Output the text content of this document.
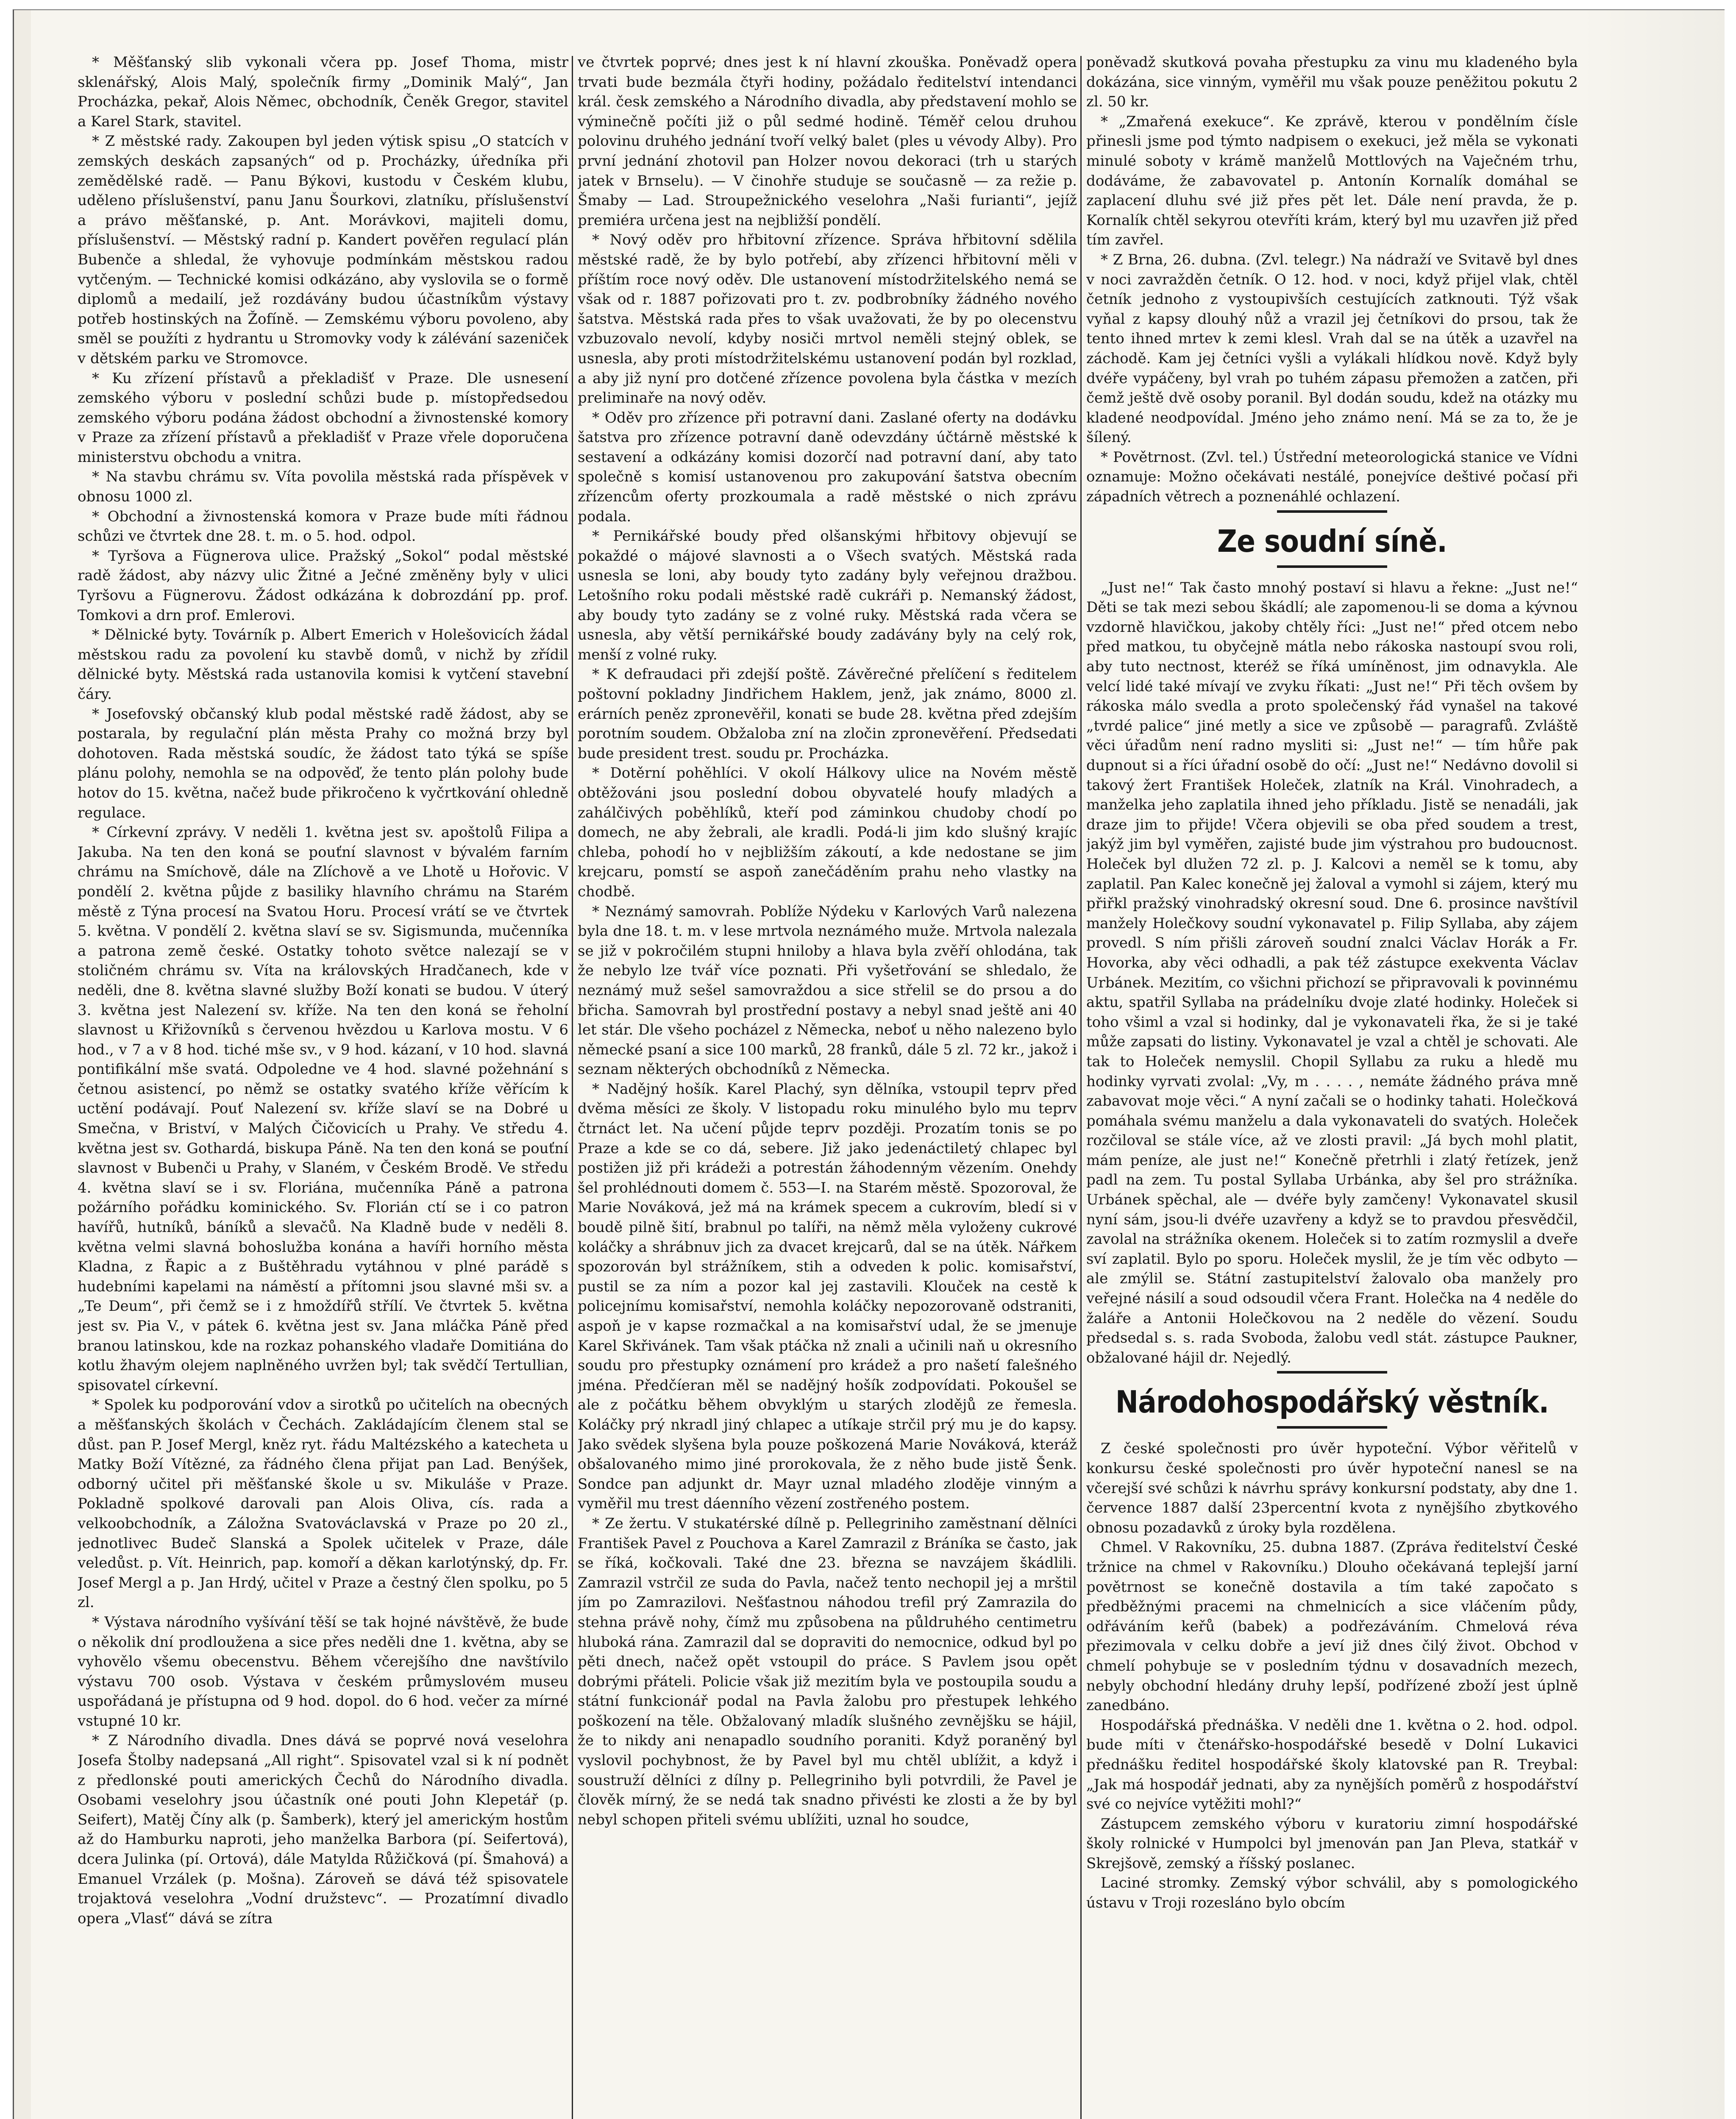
* Měšťanský slib vykonali včera pp. Josef Thoma, mistr sklenářský, Alois Malý, společník firmy „Dominik Malý“, Jan Procházka, pekař, Alois Němec, obchodník, Čeněk Gregor, stavitel a Karel Stark, stavitel.

* Z městské rady. Zakoupen byl jeden výtisk spisu „O statcích v zemských deskách zapsaných“ od p. Procházky, úředníka při zemědělské radě. — Panu Býkovi, kustodu v Českém klubu, uděleno příslušenství, panu Janu Šourkovi, zlatníku, příslušenství a právo měšťanské, p. Ant. Morávkovi, majiteli domu, příslušenství. — Městský radní p. Kandert pověřen regulací plán Bubenče a shledal, že vyhovuje podmínkám městskou radou vytčeným. — Technické komisi odkázáno, aby vyslovila se o formě diplomů a medailí, jež rozdávány budou účastníkům výstavy potřeb hostinských na Žofíně. — Zemskému výboru povoleno, aby směl se použíti z hydrantu u Stromovky vody k zálévání sazeniček v dětském parku ve Stromovce.

* Ku zřízení přístavů a překladišť v Praze. Dle usnesení zemského výboru v poslední schůzi bude p. místopředsedou zemského výboru podána žádost obchodní a živnostenské komory v Praze za zřízení přístavů a překladišť v Praze vřele doporučena ministerstvu obchodu a vnitra.

* Na stavbu chrámu sv. Víta povolila městská rada příspěvek v obnosu 1000 zl.

* Obchodní a živnostenská komora v Praze bude míti řádnou schůzi ve čtvrtek dne 28. t. m. o 5. hod. odpol.

* Tyršova a Fügnerova ulice. Pražský „Sokol“ podal městské radě žádost, aby názvy ulic Žitné a Ječné změněny byly v ulici Tyršovu a Fügnerovu. Žádost odkázána k dobrozdání pp. prof. Tomkovi a drn prof. Emlerovi.

* Dělnické byty. Továrník p. Albert Emerich v Holešovicích žádal městskou radu za povolení ku stavbě domů, v nichž by zřídil dělnické byty. Městská rada ustanovila komisi k vytčení stavební čáry.

* Josefovský občanský klub podal městské radě žádost, aby se postarala, by regulační plán města Prahy co možná brzy byl dohotoven. Rada městská soudíc, že žádost tato týká se spíše plánu polohy, nemohla se na odpověď, že tento plán polohy bude hotov do 15. května, načež bude přikročeno k vyčrtkování ohledně regulace.

* Církevní zprávy. V neděli 1. května jest sv. apoštolů Filipa a Jakuba. Na ten den koná se pouťní slavnost v bývalém farním chrámu na Smíchově, dále na Zlíchově a ve Lhotě u Hořovic. V pondělí 2. května půjde z basiliky hlavního chrámu na Starém městě z Týna procesí na Svatou Horu. Procesí vrátí se ve čtvrtek 5. května. V pondělí 2. května slaví se sv. Sigismunda, mučenníka a patrona země české. Ostatky tohoto světce nalezají se v stoličném chrámu sv. Víta na královských Hradčanech, kde v neděli, dne 8. května slavné služby Boží konati se budou. V úterý 3. května jest Nalezení sv. kříže. Na ten den koná se řeholní slavnost u Křižovníků s červenou hvězdou u Karlova mostu. V 6 hod., v 7 a v 8 hod. tiché mše sv., v 9 hod. kázaní, v 10 hod. slavná pontifikální mše svatá. Odpoledne ve 4 hod. slavné požehnání s četnou asistencí, po němž se ostatky svatého kříže věřícím k uctění podávají. Pouť Nalezení sv. kříže slaví se na Dobré u Smečna, v Briství, v Malých Čičovicích u Prahy. Ve středu 4. května jest sv. Gothardá, biskupa Páně. Na ten den koná se pouťní slavnost v Bubenči u Prahy, v Slaném, v Českém Brodě. Ve středu 4. května slaví se i sv. Floriána, mučenníka Páně a patrona požárního pořádku kominického. Sv. Florián ctí se i co patron havířů, hutníků, báníků a slevačů. Na Kladně bude v neděli 8. května velmi slavná bohoslužba konána a havíři horního města Kladna, z Řapic a z Buštěhradu vytáhnou v plné parádě s hudebními kapelami na náměstí a přítomni jsou slavné mši sv. a „Te Deum“, při čemž se i z hmoždířů střílí. Ve čtvrtek 5. května jest sv. Pia V., v pátek 6. května jest sv. Jana mláčka Páně před branou latinskou, kde na rozkaz pohanského vladaře Domitiána do kotlu žhavým olejem naplněného uvržen byl; tak svědčí Tertullian, spisovatel církevní.

* Spolek ku podporování vdov a sirotků po učitelích na obecných a měšťanských školách v Čechách. Zakládajícím členem stal se důst. pan P. Josef Mergl, kněz ryt. řádu Maltézského a katecheta u Matky Boží Vítězné, za řádného člena přijat pan Lad. Benýšek, odborný učitel při měšťanské škole u sv. Mikuláše v Praze. Pokladně spolkové darovali pan Alois Oliva, cís. rada a velkoobchodník, a Záložna Svatováclavská v Praze po 20 zl., jednotlivec Budeč Slanská a Spolek učitelek v Praze, dále veledůst. p. Vít. Heinrich, pap. komoří a děkan karlotýnský, dp. Fr. Josef Mergl a p. Jan Hrdý, učitel v Praze a čestný člen spolku, po 5 zl.

* Výstava národního vyšívání těší se tak hojné návštěvě, že bude o několik dní prodloužena a sice přes neděli dne 1. května, aby se vyhovělo všemu obecenstvu. Během včerejšího dne navštívilo výstavu 700 osob. Výstava v českém průmyslovém museu uspořádaná je přístupna od 9 hod. dopol. do 6 hod. večer za mírné vstupné 10 kr.

* Z Národního divadla. Dnes dává se poprvé nová veselohra Josefa Štolby nadepsaná „All right“. Spisovatel vzal si k ní podnět z předlonské pouti amerických Čechů do Národního divadla. Osobami veselohry jsou účastník oné pouti John Klepetář (p. Seifert), Matěj Číny alk (p. Šamberk), který jel americkým hostům až do Hamburku naproti, jeho manželka Barbora (pí. Seifertová), dcera Julinka (pí. Ortová), dále Matylda Růžičková (pí. Šmahová) a Emanuel Vrzálek (p. Mošna). Zároveň se dává též spisovatele trojaktová veselohra „Vodní družstevc“. — Prozatímní divadlo opera „Vlasť“ dává se zítra

ve čtvrtek poprvé; dnes jest k ní hlavní zkouška. Poněvadž opera trvati bude bezmála čtyři hodiny, požádalo ředitelství intendanci král. česk zemského a Národního divadla, aby představení mohlo se výminečně počíti již o půl sedmé hodině. Téměř celou druhou polovinu druhého jednání tvoří velký balet (ples u vévody Alby). Pro první jednání zhotovil pan Holzer novou dekoraci (trh u starých jatek v Brnselu). — V činohře studuje se současně — za režie p. Šmaby — Lad. Stroupežnického veselohra „Naši furianti“, jejíž premiéra určena jest na nejbližší pondělí.

* Nový oděv pro hřbitovní zřízence. Správa hřbitovní sdělila městské radě, že by bylo potřebí, aby zřízenci hřbitovní měli v příštím roce nový oděv. Dle ustanovení místodržitelského nemá se však od r. 1887 pořizovati pro t. zv. podbrobníky žádného nového šatstva. Městská rada přes to však uvažovati, že by po olecenstvu vzbuzovalo nevolí, kdyby nosiči mrtvol neměli stejný oblek, se usnesla, aby proti místodržitelskému ustanovení podán byl rozklad, a aby již nyní pro dotčené zřízence povolena byla částka v mezích preliminaře na nový oděv.

* Oděv pro zřízence při potravní dani. Zaslané oferty na dodávku šatstva pro zřízence potravní daně odevzdány účtárně městské k sestavení a odkázány komisi dozorčí nad potravní daní, aby tato společně s komisí ustanovenou pro zakupování šatstva obecním zřízencům oferty prozkoumala a radě městské o nich zprávu podala.

* Pernikářské boudy před olšanskými hřbitovy objevují se pokaždé o májové slavnosti a o Všech svatých. Městská rada usnesla se loni, aby boudy tyto zadány byly veřejnou dražbou. Letošního roku podali městské radě cukráři p. Nemanský žádost, aby boudy tyto zadány se z volné ruky. Městská rada včera se usnesla, aby větší pernikářské boudy zadávány byly na celý rok, menší z volné ruky.

* K defraudaci při zdejší poště. Závěrečné přelíčení s ředitelem poštovní pokladny Jindřichem Haklem, jenž, jak známo, 8000 zl. erárních peněz zpronevěřil, konati se bude 28. května před zdejším porotním soudem. Obžaloba zní na zločin zpronevěření. Předsedati bude president trest. soudu pr. Procházka.

* Dotěrní pohěhlíci. V okolí Hálkovy ulice na Novém městě obtěžováni jsou poslední dobou obyvatelé houfy mladých a zahálčivých poběhlíků, kteří pod záminkou chudoby chodí po domech, ne aby žebrali, ale kradli. Podá-li jim kdo slušný krajíc chleba, pohodí ho v nejbližším zákoutí, a kde nedostane se jim krejcaru, pomstí se aspoň zanečáděním prahu neho vlastky na chodbě.

* Neznámý samovrah. Poblíže Nýdeku v Karlových Varů nalezena byla dne 18. t. m. v lese mrtvola neznámého muže. Mrtvola nalezala se již v pokročilém stupni hniloby a hlava byla zvěří ohlodána, tak že nebylo lze tvář více poznati. Při vyšetřování se shledalo, že neznámý muž sešel samovraždou a sice střelil se do prsou a do břicha. Samovrah byl prostřední postavy a nebyl snad ještě ani 40 let stár. Dle všeho pocházel z Německa, neboť u něho nalezeno bylo německé psaní a sice 100 marků, 28 franků, dále 5 zl. 72 kr., jakož i seznam některých obchodníků z Německa.

* Nadějný hošík. Karel Plachý, syn dělníka, vstoupil teprv před dvěma měsíci ze školy. V listopadu roku minulého bylo mu teprv čtrnáct let. Na učení půjde teprv později. Prozatím tonis se po Praze a kde se co dá, sebere. Již jako jedenáctiletý chlapec byl postižen již při krádeži a potrestán žáhodenným vězením. Onehdy šel prohlédnouti domem č. 553—I. na Starém městě. Spozoroval, že Marie Nováková, jež má na krámek specem a cukrovím, bledí si v boudě pilně šití, brabnul po talíři, na němž měla vyloženy cukrové koláčky a shrábnuv jich za dvacet krejcarů, dal se na útěk. Nářkem spozorován byl strážníkem, stih a odveden k polic. komisařství, pustil se za ním a pozor kal jej zastavili. Klouček na cestě k policejnímu komisařství, nemohla koláčky nepozorovaně odstraniti, aspoň je v kapse rozmačkal a na komisařství udal, že se jmenuje Karel Skřivánek. Tam však ptáčka nž znali a učinili naň u okresního soudu pro přestupky oznámení pro krádež a pro našetí falešného jména. Předčíeran měl se nadějný hošík zodpovídati. Pokoušel se ale z počátku během obvyklým u starých zlodějů ze řemesla. Koláčky prý nkradl jiný chlapec a utíkaje strčil prý mu je do kapsy. Jako svědek slyšena byla pouze poškozená Marie Nováková, kteráž obšalovaného mimo jiné prorokovala, že z něho bude jistě Šenk. Sondce pan adjunkt dr. Mayr uznal mladého zloděje vinným a vyměřil mu trest dáenního vězení zostřeného postem.

* Ze žertu. V stukatérské dílně p. Pellegriniho zaměstnaní dělníci František Pavel z Pouchova a Karel Zamrazil z Bráníka se často, jak se říká, kočkovali. Také dne 23. března se navzájem škádlili. Zamrazil vstrčil ze suda do Pavla, načež tento nechopil jej a mrštil jím po Zamrazilovi. Nešťastnou náhodou trefil prý Zamrazila do stehna právě nohy, čímž mu způsobena na půldruhého centimetru hluboká rána. Zamrazil dal se dopraviti do nemocnice, odkud byl po pěti dnech, načež opět vstoupil do práce. S Pavlem jsou opět dobrými přáteli. Policie však již mezitím byla ve postoupila soudu a státní funkcionář podal na Pavla žalobu pro přestupek lehkého poškození na těle. Obžalovaný mladík slušného zevnějšku se hájil, že to nikdy ani nenapadlo soudního poraniti. Když poraněný byl vyslovil pochybnost, že by Pavel byl mu chtěl ublížit, a když i soustruží dělníci z dílny p. Pellegriniho byli potvrdili, že Pavel je člověk mírný, že se nedá tak snadno přivésti ke zlosti a že by byl nebyl schopen přiteli svému ublížiti, uznal ho soudce,

poněvadž skutková povaha přestupku za vinu mu kladeného byla dokázána, sice vinným, vyměřil mu však pouze peněžitou pokutu 2 zl. 50 kr.

* „Zmařená exekuce“. Ke zprávě, kterou v pondělním čísle přinesli jsme pod týmto nadpisem o exekuci, jež měla se vykonati minulé soboty v krámě manželů Mottlových na Vaječném trhu, dodáváme, že zabavovatel p. Antonín Kornalík domáhal se zaplacení dluhu své již přes pět let. Dále není pravda, že p. Kornalík chtěl sekyrou otevříti krám, který byl mu uzavřen již před tím zavřel.

* Z Brna, 26. dubna. (Zvl. telegr.) Na nádraží ve Svitavě byl dnes v noci zavražděn četník. O 12. hod. v noci, když přijel vlak, chtěl četník jednoho z vystoupivších cestujících zatknouti. Týž však vyňal z kapsy dlouhý nůž a vrazil jej četníkovi do prsou, tak že tento ihned mrtev k zemi klesl. Vrah dal se na útěk a uzavřel na záchodě. Kam jej četníci vyšli a vylákali hlídkou nově. Když byly dvéře vypáčeny, byl vrah po tuhém zápasu přemožen a zatčen, při čemž ještě dvě osoby poranil. Byl dodán soudu, kdež na otázky mu kladené neodpovídal. Jméno jeho známo není. Má se za to, že je šílený.

* Povětrnost. (Zvl. tel.) Ústřední meteorologická stanice ve Vídni oznamuje: Možno očekávati nestálé, ponejvíce deštivé počasí při západních větrech a poznenáhlé ochlazení.

Ze soudní síně.

„Just ne!“ Tak často mnohý postaví si hlavu a řekne: „Just ne!“ Děti se tak mezi sebou škádlí; ale zapomenou-li se doma a kývnou vzdorně hlavičkou, jakoby chtěly říci: „Just ne!“ před otcem nebo před matkou, tu obyčejně mátla nebo rákoska nastoupí svou roli, aby tuto nectnost, kteréž se říká umíněnost, jim odnavykla. Ale velcí lidé také mívají ve zvyku říkati: „Just ne!“ Při těch ovšem by rákoska málo svedla a proto společenský řád vynašel na takové „tvrdé palice“ jiné metly a sice ve způsobě — paragrafů. Zvláště věci úřadům není radno mysliti si: „Just ne!“ — tím hůře pak dupnout si a říci úřadní osobě do očí: „Just ne!“ Nedávno dovolil si takový žert František Holeček, zlatník na Král. Vinohradech, a manželka jeho zaplatila ihned jeho příkladu. Jistě se nenadáli, jak draze jim to přijde! Včera objevili se oba před soudem a trest, jakýž jim byl vyměřen, zajisté bude jim výstrahou pro budoucnost. Holeček byl dlužen 72 zl. p. J. Kalcovi a neměl se k tomu, aby zaplatil. Pan Kalec konečně jej žaloval a vymohl si zájem, který mu přiřkl pražský vinohradský okresní soud. Dne 6. prosince navštívil manžely Holečkovy soudní vykonavatel p. Filip Syllaba, aby zájem provedl. S ním přišli zároveň soudní znalci Václav Horák a Fr. Hovorka, aby věci odhadli, a pak též zástupce exekventa Václav Urbánek. Mezitím, co všichni přichozí se připravovali k povinnému aktu, spatřil Syllaba na prádelníku dvoje zlaté hodinky. Holeček si toho všiml a vzal si hodinky, dal je vykonavateli řka, že si je také může zapsati do listiny. Vykonavatel je vzal a chtěl je schovati. Ale tak to Holeček nemyslil. Chopil Syllabu za ruku a hledě mu hodinky vyrvati zvolal: „Vy, m . . . . , nemáte žádného práva mně zabavovat moje věci.“ A nyní začali se o hodinky tahati. Holečková pomáhala svému manželu a dala vykonavateli do svatých. Holeček rozčiloval se stále více, až ve zlosti pravil: „Já bych mohl platit, mám peníze, ale just ne!“ Konečně přetrhli i zlatý řetízek, jenž padl na zem. Tu postal Syllaba Urbánka, aby šel pro strážníka. Urbánek spěchal, ale — dvéře byly zamčeny! Vykonavatel skusil nyní sám, jsou-li dvéře uzavřeny a když se to pravdou přesvědčil, zavolal na strážníka okenem. Holeček si to zatím rozmyslil a dveře sví zaplatil. Bylo po sporu. Holeček myslil, že je tím věc odbyto — ale zmýlil se. Státní zastupitelství žalovalo oba manžely pro veřejné násilí a soud odsoudil včera Frant. Holečka na 4 neděle do žaláře a Antonii Holečkovou na 2 neděle do vězení. Soudu předsedal s. s. rada Svoboda, žalobu vedl stát. zástupce Paukner, obžalované hájil dr. Nejedlý.

Národohospodářský věstník.

Z české společnosti pro úvěr hypoteční. Výbor věřitelů v konkursu české společnosti pro úvěr hypoteční nanesl se na včerejší své schůzi k návrhu správy konkursní podstaty, aby dne 1. července 1887 další 23percentní kvota z nynějšího zbytkového obnosu pozadavků z úroky byla rozdělena.

Chmel. V Rakovníku, 25. dubna 1887. (Zpráva ředitelství České tržnice na chmel v Rakovníku.) Dlouho očekávaná teplejší jarní povětrnost se konečně dostavila a tím také započato s předběžnými pracemi na chmelnicích a sice vláčením půdy, odřáváním keřů (babek) a podřezáváním. Chmelová réva přezimovala v celku dobře a jeví již dnes čilý život. Obchod v chmelí pohybuje se v posledním týdnu v dosavadních mezech, nebyly obchodní hledány druhy lepší, podřízené zboží jest úplně zanedbáno.

Hospodářská přednáška. V neděli dne 1. května o 2. hod. odpol. bude míti v čtenářsko-hospodářské besedě v Dolní Lukavici přednášku ředitel hospodářské školy klatovské pan R. Treybal: „Jak má hospodář jednati, aby za nynějších poměrů z hospodářství své co nejvíce vytěžiti mohl?“

Zástupcem zemského výboru v kuratoriu zimní hospodářské školy rolnické v Humpolci byl jmenován pan Jan Pleva, statkář v Skrejšově, zemský a říšský poslanec.

Laciné stromky. Zemský výbor schválil, aby s pomologického ústavu v Troji rozesláno bylo obcím
